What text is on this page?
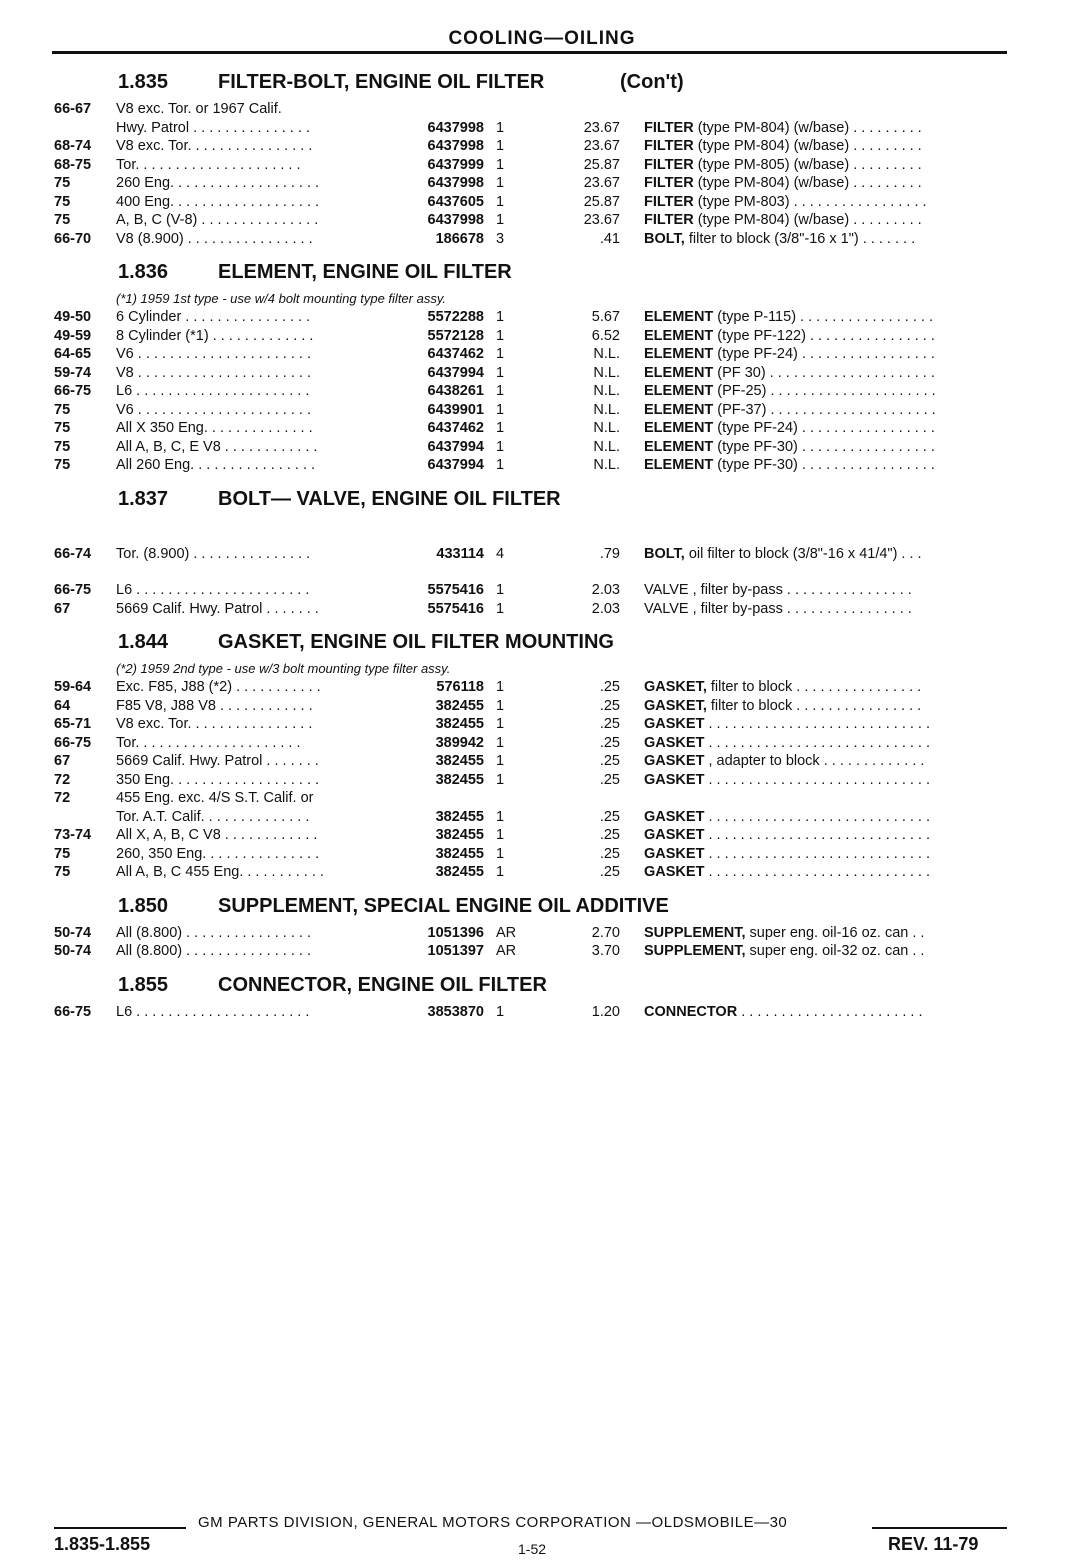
COOLING—OILING
1.835 FILTER-BOLT, ENGINE OIL FILTER	(Con't)
66-67 V8 exc. Tor. or 1967 Calif.
Hwy. Patrol . . . . . . . . . . . . . . .	6437998 1	23.67 FILTER (type PM-804) (w/base) . . . . . . . . .
68-74 V8 exc. Tor. . . . . . . . . . . . . . . .	6437998 1	23.67 FILTER (type PM-804) (w/base) . . . . . . . . .
68-75 Tor. . . . . . . . . . . . . . . . . . . . .	6437999 1	25.87 FILTER (type PM-805) (w/base) . . . . . . . . .
75	260 Eng. . . . . . . . . . . . . . . . . . .	6437998 1	23.67 FILTER (type PM-804) (w/base) . . . . . . . . .
75	400 Eng. . . . . . . . . . . . . . . . . . .	6437605 1	25.87 FILTER (type PM-803) . . . . . . . . . . . . . . . . .
75	A, B, C (V-8) . . . . . . . . . . . . . . .	6437998 1	23.67 FILTER (type PM-804) (w/base) . . . . . . . . .
66-70 V8 (8.900) . . . . . . . . . . . . . . . .	186678 3	.41 BOLT, filter to block (3/8"-16 x 1") . . . . . . .
1.836 ELEMENT, ENGINE OIL FILTER
(*1) 1959 1st type - use w/4 bolt mounting type filter assy.
49-50 6 Cylinder . . . . . . . . . . . . . . . .	5572288 1	5.67 ELEMENT (type P-115) . . . . . . . . . . . . . . . . .
49-59 8 Cylinder (*1) . . . . . . . . . . . . .	5572128 1	6.52 ELEMENT (type PF-122) . . . . . . . . . . . . . . . .
64-65 V6 . . . . . . . . . . . . . . . . . . . . . .	6437462 1	N.L. ELEMENT (type PF-24) . . . . . . . . . . . . . . . . .
59-74 V8 . . . . . . . . . . . . . . . . . . . . . .	6437994 1	N.L. ELEMENT (PF 30) . . . . . . . . . . . . . . . . . . . . .
66-75 L6 . . . . . . . . . . . . . . . . . . . . . .	6438261 1	N.L. ELEMENT (PF-25) . . . . . . . . . . . . . . . . . . . . .
75	V6 . . . . . . . . . . . . . . . . . . . . . .	6439901 1	N.L. ELEMENT (PF-37) . . . . . . . . . . . . . . . . . . . . .
75	All X 350 Eng. . . . . . . . . . . . . .	6437462 1	N.L. ELEMENT (type PF-24) . . . . . . . . . . . . . . . . .
75	All A, B, C, E V8 . . . . . . . . . . . .	6437994 1	N.L. ELEMENT (type PF-30) . . . . . . . . . . . . . . . . .
75	All 260 Eng. . . . . . . . . . . . . . . .	6437994 1	N.L. ELEMENT (type PF-30) . . . . . . . . . . . . . . . . .
1.837 BOLT— VALVE, ENGINE OIL FILTER
66-74 Tor. (8.900) . . . . . . . . . . . . . . .	433114 4	.79 BOLT, oil filter to block (3/8"-16 x 41/4") . . .
66-75 L6 . . . . . . . . . . . . . . . . . . . . . .	5575416 1	2.03 VALVE , filter by-pass . . . . . . . . . . . . . . . .
67	5669 Calif. Hwy. Patrol . . . . . . .	5575416 1	2.03 VALVE , filter by-pass . . . . . . . . . . . . . . . .
1.844 GASKET, ENGINE OIL FILTER MOUNTING
(*2) 1959 2nd type - use w/3 bolt mounting type filter assy.
59-64 Exc. F85, J88 (*2) . . . . . . . . . . .	576118 1	.25 GASKET, filter to block . . . . . . . . . . . . . . . .
64	F85 V8, J88 V8 . . . . . . . . . . . .	382455 1	.25 GASKET, filter to block . . . . . . . . . . . . . . . .
65-71 V8 exc. Tor. . . . . . . . . . . . . . . .	382455 1	.25 GASKET . . . . . . . . . . . . . . . . . . . . . . . . . . . .
66-75 Tor. . . . . . . . . . . . . . . . . . . . .	389942 1	.25 GASKET . . . . . . . . . . . . . . . . . . . . . . . . . . . .
67	5669 Calif. Hwy. Patrol . . . . . . .	382455 1	.25 GASKET , adapter to block . . . . . . . . . . . . .
72	350 Eng. . . . . . . . . . . . . . . . . . .	382455 1	.25 GASKET . . . . . . . . . . . . . . . . . . . . . . . . . . . .
72	455 Eng. exc. 4/S S.T. Calif. or
Tor. A.T. Calif. . . . . . . . . . . . . .	382455 1	.25 GASKET . . . . . . . . . . . . . . . . . . . . . . . . . . . .
73-74 All X, A, B, C V8 . . . . . . . . . . . .	382455 1	.25 GASKET . . . . . . . . . . . . . . . . . . . . . . . . . . . .
75	260, 350 Eng. . . . . . . . . . . . . . .	382455 1	.25 GASKET . . . . . . . . . . . . . . . . . . . . . . . . . . . .
75	All A, B, C 455 Eng. . . . . . . . . . .	382455 1	.25 GASKET . . . . . . . . . . . . . . . . . . . . . . . . . . . .
1.850 SUPPLEMENT, SPECIAL ENGINE OIL ADDITIVE
50-74 All (8.800) . . . . . . . . . . . . . . . .	1051396 AR	2.70 SUPPLEMENT, super eng. oil-16 oz. can . .
50-74 All (8.800) . . . . . . . . . . . . . . . .	1051397 AR	3.70 SUPPLEMENT, super eng. oil-32 oz. can . .
1.855 CONNECTOR, ENGINE OIL FILTER
66-75 L6 . . . . . . . . . . . . . . . . . . . . . .	3853870 1	1.20 CONNECTOR . . . . . . . . . . . . . . . . . . . . . . .
GM PARTS DIVISION, GENERAL MOTORS CORPORATION —OLDSMOBILE—30
1.835-1.855	1-52	REV. 11-79
